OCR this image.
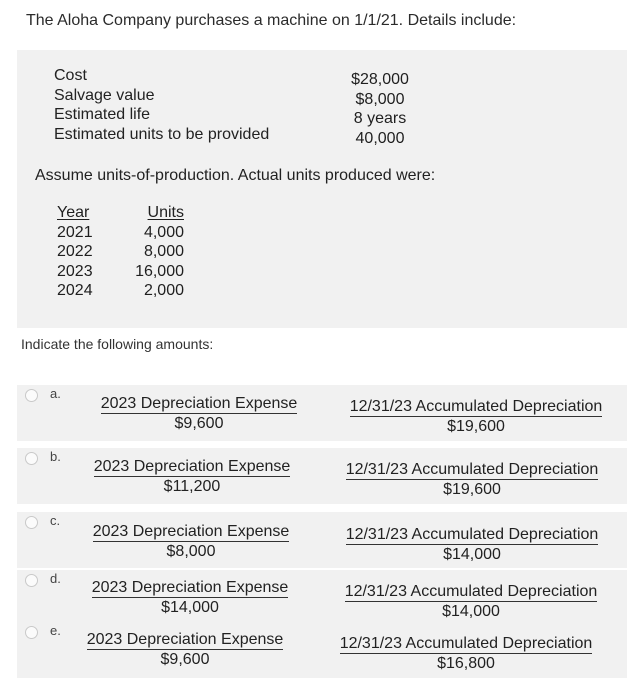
The Aloha Company purchases a machine on 1/1/21. Details include:
Cost
Salvage value
Estimated life
Estimated units to be provided
$28,000
$8,000
8 years
40,000
Assume units-of-production. Actual units produced were:
Year
2021
2022
2023
2024
Units
4,000
8,000
16,000
2,000
Indicate the following amounts:
a.
2023 Depreciation Expense
$9,600
12/31/23 Accumulated Depreciation
$19,600
b.
2023 Depreciation Expense
$11,200
12/31/23 Accumulated Depreciation
$19,600
c.
2023 Depreciation Expense
$8,000
12/31/23 Accumulated Depreciation
$14,000
d.
2023 Depreciation Expense
$14,000
12/31/23 Accumulated Depreciation
$14,000
e.
2023 Depreciation Expense
$9,600
12/31/23 Accumulated Depreciation
$16,800
